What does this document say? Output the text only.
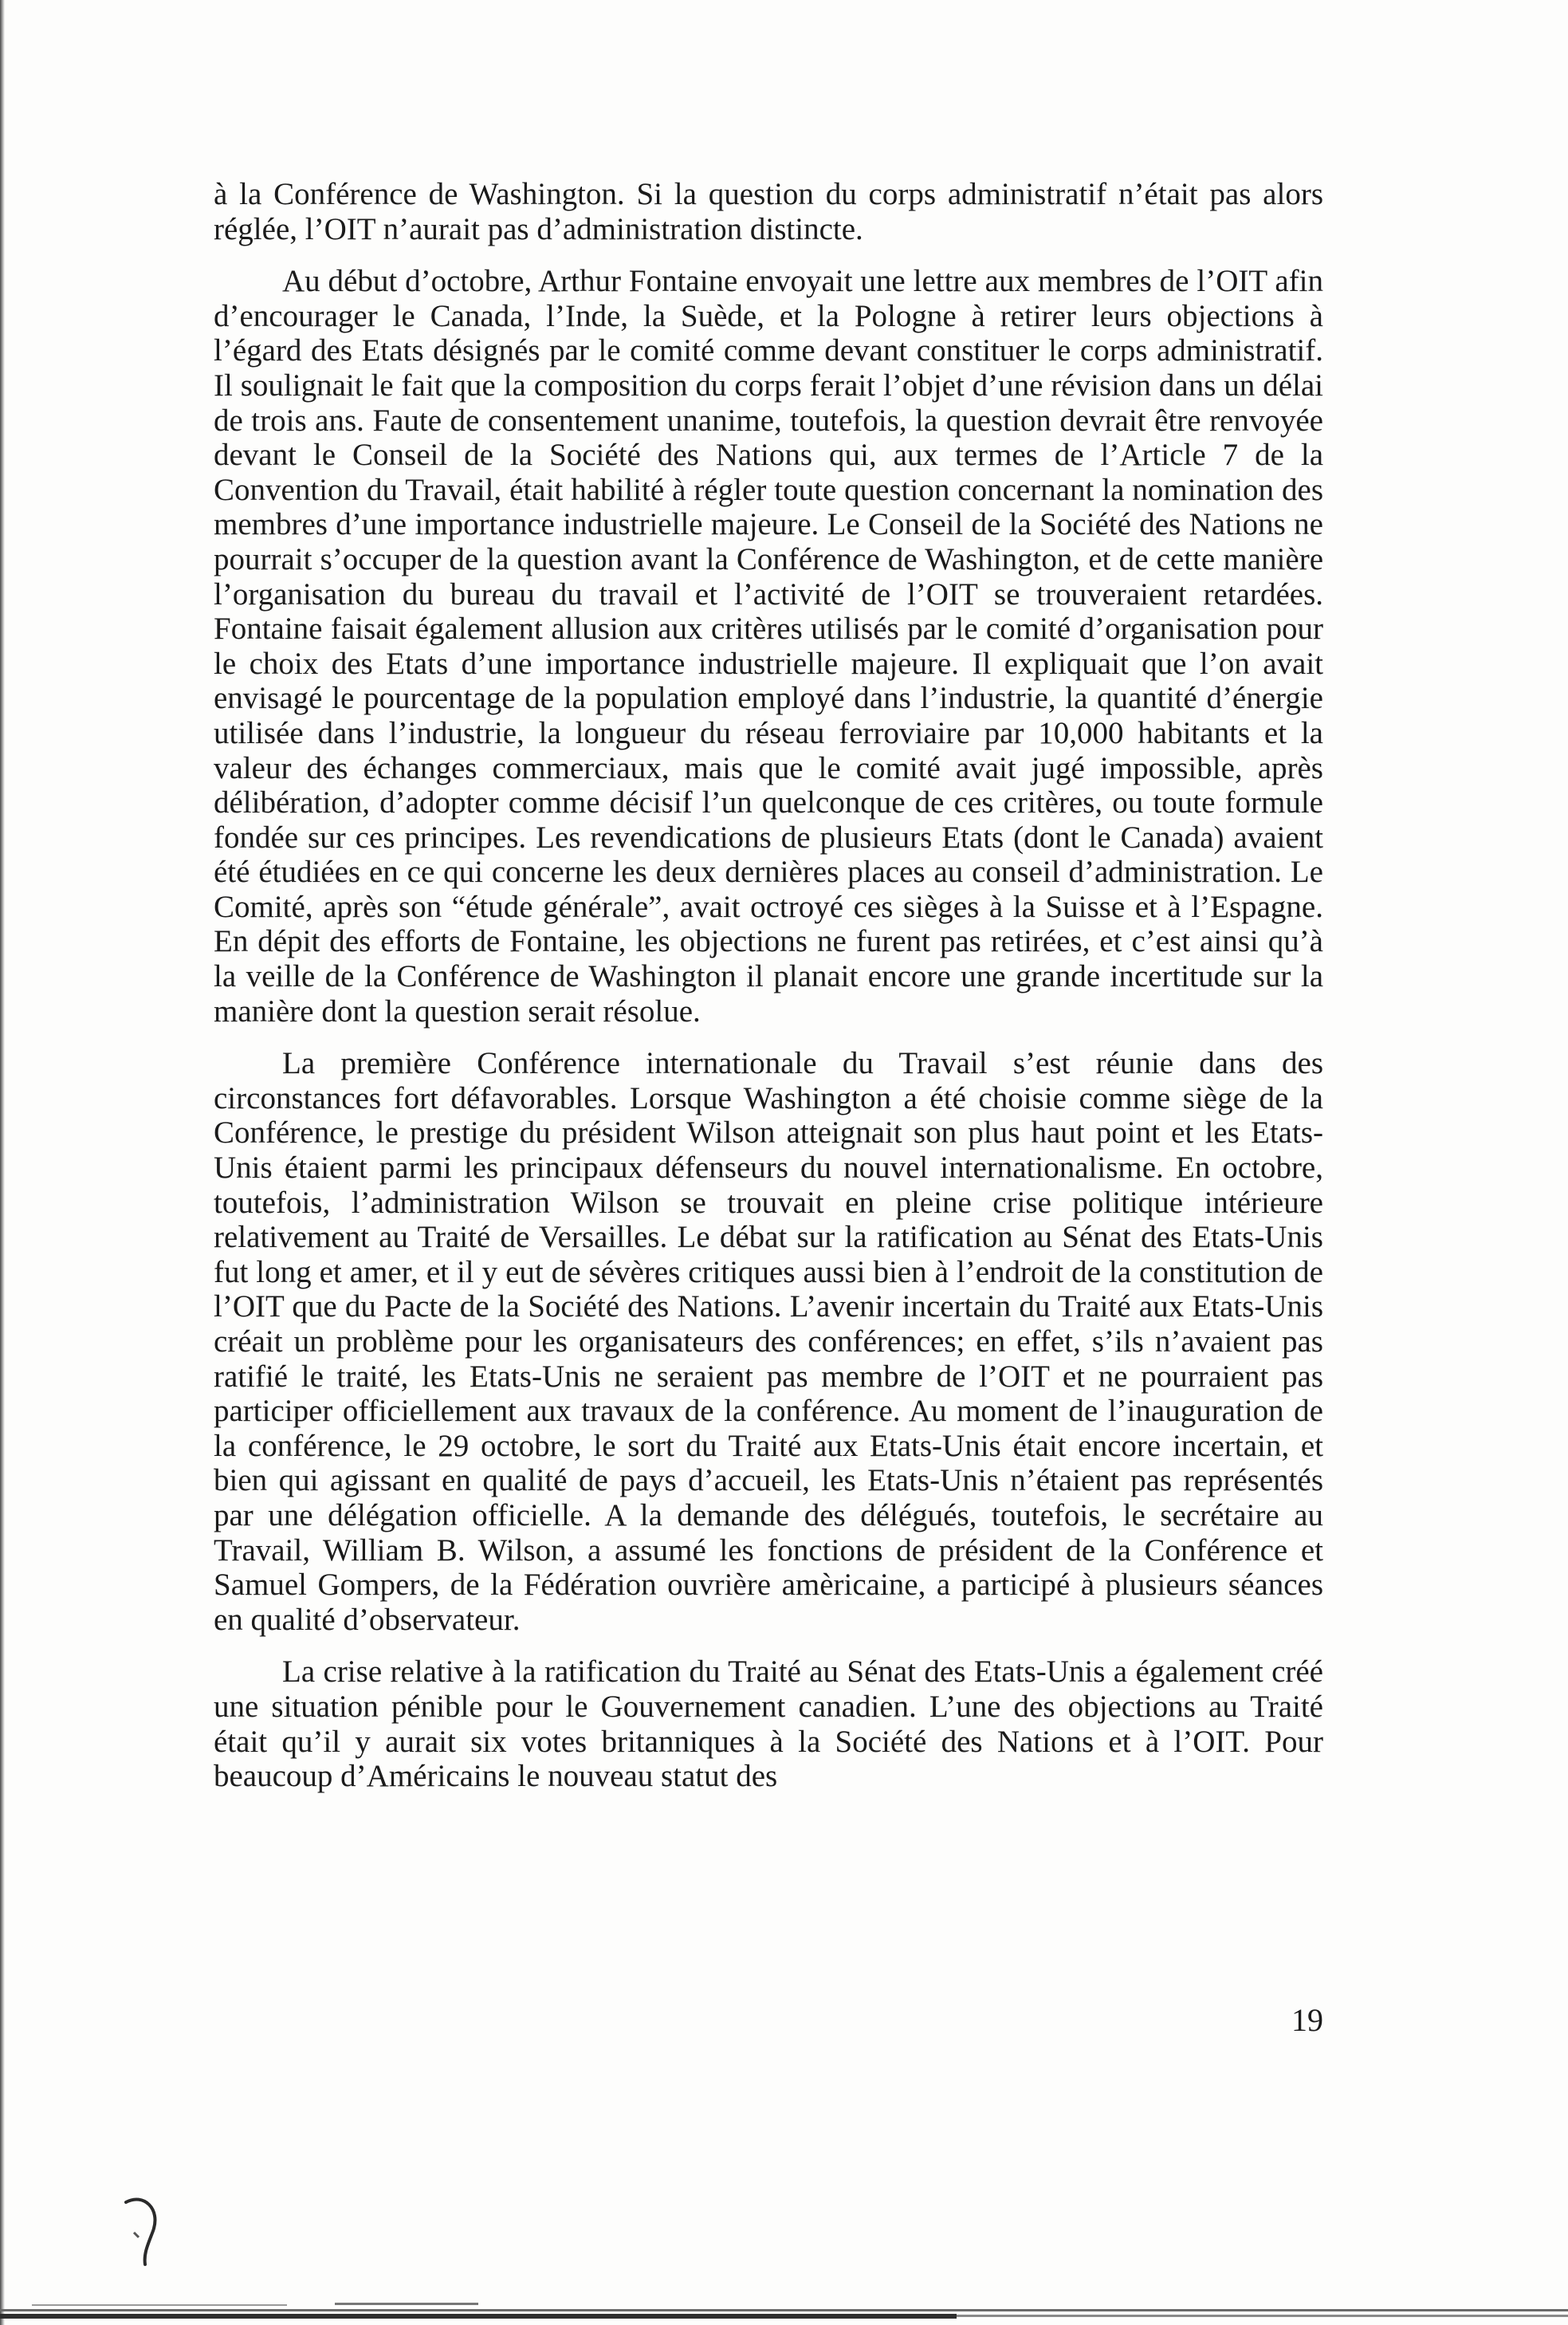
à la Conférence de Washington. Si la question du corps administratif n’était pas alors réglée, l’OIT n’aurait pas d’administration distincte.

Au début d’octobre, Arthur Fontaine envoyait une lettre aux membres de l’OIT afin d’encourager le Canada, l’Inde, la Suède, et la Pologne à retirer leurs objections à l’égard des Etats désignés par le comité comme devant constituer le corps administratif. Il soulignait le fait que la composition du corps ferait l’objet d’une révision dans un délai de trois ans. Faute de consentement unanime, toutefois, la question devrait être renvoyée devant le Conseil de la Société des Nations qui, aux termes de l’Article 7 de la Convention du Travail, était habilité à régler toute question concernant la nomination des membres d’une importance industrielle majeure. Le Conseil de la Société des Nations ne pourrait s’occuper de la question avant la Conférence de Washington, et de cette manière l’organisation du bureau du travail et l’activité de l’OIT se trouveraient retardées. Fontaine faisait également allusion aux critères utilisés par le comité d’organisation pour le choix des Etats d’une importance industrielle majeure. Il expliquait que l’on avait envisagé le pourcentage de la population employé dans l’industrie, la quantité d’énergie utilisée dans l’industrie, la longueur du réseau ferroviaire par 10,000 habitants et la valeur des échanges commerciaux, mais que le comité avait jugé impossible, après délibération, d’adopter comme décisif l’un quelconque de ces critères, ou toute formule fondée sur ces principes. Les revendications de plusieurs Etats (dont le Canada) avaient été étudiées en ce qui concerne les deux dernières places au conseil d’administration. Le Comité, après son “étude générale”, avait octroyé ces sièges à la Suisse et à l’Espagne. En dépit des efforts de Fontaine, les objections ne furent pas retirées, et c’est ainsi qu’à la veille de la Conférence de Washington il planait encore une grande incertitude sur la manière dont la question serait résolue.

La première Conférence internationale du Travail s’est réunie dans des circonstances fort défavorables. Lorsque Washington a été choisie comme siège de la Conférence, le prestige du président Wilson atteignait son plus haut point et les Etats-Unis étaient parmi les principaux défenseurs du nouvel internationalisme. En octobre, toutefois, l’administration Wilson se trouvait en pleine crise politique intérieure relativement au Traité de Versailles. Le débat sur la ratification au Sénat des Etats-Unis fut long et amer, et il y eut de sévères critiques aussi bien à l’endroit de la constitution de l’OIT que du Pacte de la Société des Nations. L’avenir incertain du Traité aux Etats-Unis créait un problème pour les organisateurs des conférences; en effet, s’ils n’avaient pas ratifié le traité, les Etats-Unis ne seraient pas membre de l’OIT et ne pourraient pas participer officiellement aux travaux de la conférence. Au moment de l’inauguration de la conférence, le 29 octobre, le sort du Traité aux Etats-Unis était encore incertain, et bien qui agissant en qualité de pays d’accueil, les Etats-Unis n’étaient pas représentés par une délégation officielle. A la demande des délégués, toutefois, le secrétaire au Travail, William B. Wilson, a assumé les fonctions de président de la Conférence et Samuel Gompers, de la Fédération ouvrière amèricaine, a participé à plusieurs séances en qualité d’observateur.

La crise relative à la ratification du Traité au Sénat des Etats-Unis a également créé une situation pénible pour le Gouvernement canadien. L’une des objections au Traité était qu’il y aurait six votes britanniques à la Société des Nations et à l’OIT. Pour beaucoup d’Américains le nouveau statut des

19
